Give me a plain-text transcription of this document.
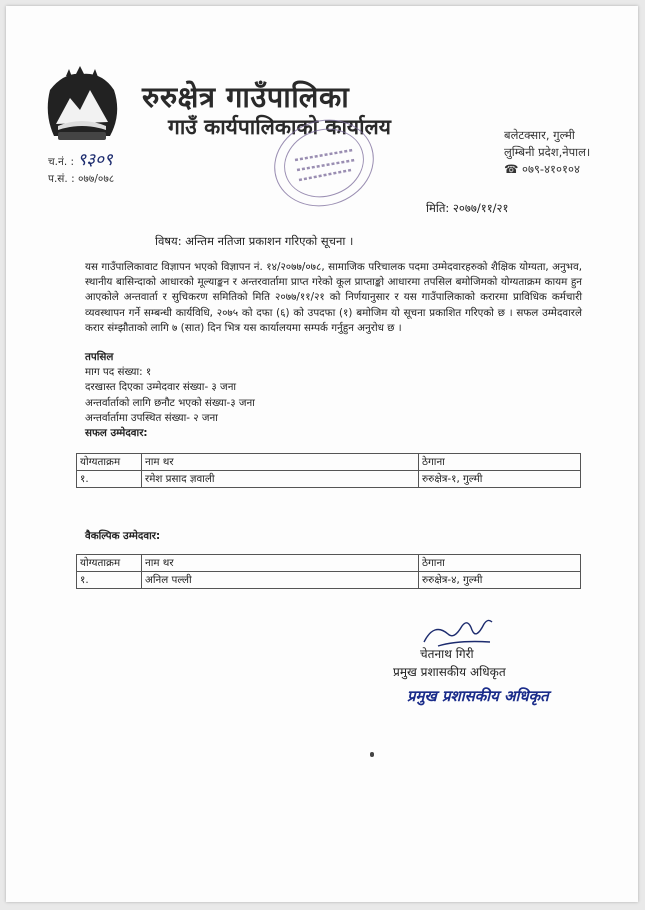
रुरुक्षेत्र गाउँपालिका
गाउँ कार्यपालिकाको कार्यालय	बलेटक्सार, गुल्मी
लुम्बिनी प्रदेश,नेपाल।
☎ ०७९-४१०१०४
च.नं. : ९३०९
प.सं. : ०७७/०७८
मिति: २०७७/११/२१
विषय: अन्तिम नतिजा प्रकाशन गरिएको सूचना ।
यस गाउँपालिकावाट विज्ञापन भएको विज्ञापन नं. १४/२०७७/०७८, सामाजिक परिचालक पदमा उम्मेदवारहरुको शैक्षिक योग्यता, अनुभव, स्थानीय बासिन्दाको आधारको मूल्याङ्कन र अन्तरवार्तामा प्राप्त गरेको कूल प्राप्ताङ्को आधारमा तपसिल बमोजिमको योग्यताक्रम कायम हुन आएकोले अन्तवार्ता र सुचिकरण समितिको मिति २०७७/११/२१ को निर्णयानुसार र यस गाउँपालिकाको करारमा प्राविधिक कर्मचारी व्यवस्थापन गर्ने सम्बन्धी कार्यविधि, २०७५ को दफा (६) को उपदफा (१) बमोजिम यो सूचना प्रकाशित गरिएको छ । सफल उम्मेदवारले करार संम्झौताको लागि ७ (सात) दिन भित्र यस कार्यालयमा सम्पर्क गर्नुहुन अनुरोध छ ।
तपसिल
माग पद संख्या: १
दरखास्त दिएका उम्मेदवार संख्या- ३ जना
अन्तर्वार्ताको लागि छनौट भएको संख्या-३ जना
अन्तर्वार्तामा उपस्थित संख्या- २ जना
सफल उम्मेदवार:
योग्यताक्रम	नाम थर	ठेगाना
१.	रमेश प्रसाद ज्ञवाली	रुरुक्षेत्र-१, गुल्मी
वैकल्पिक उम्मेदवार:
योग्यताक्रम	नाम थर	ठेगाना
१.	अनिल पल्ली	रुरुक्षेत्र-४, गुल्मी
चेतनाथ गिरी
प्रमुख प्रशासकीय अधिकृत
प्रमुख प्रशासकीय अधिकृत
